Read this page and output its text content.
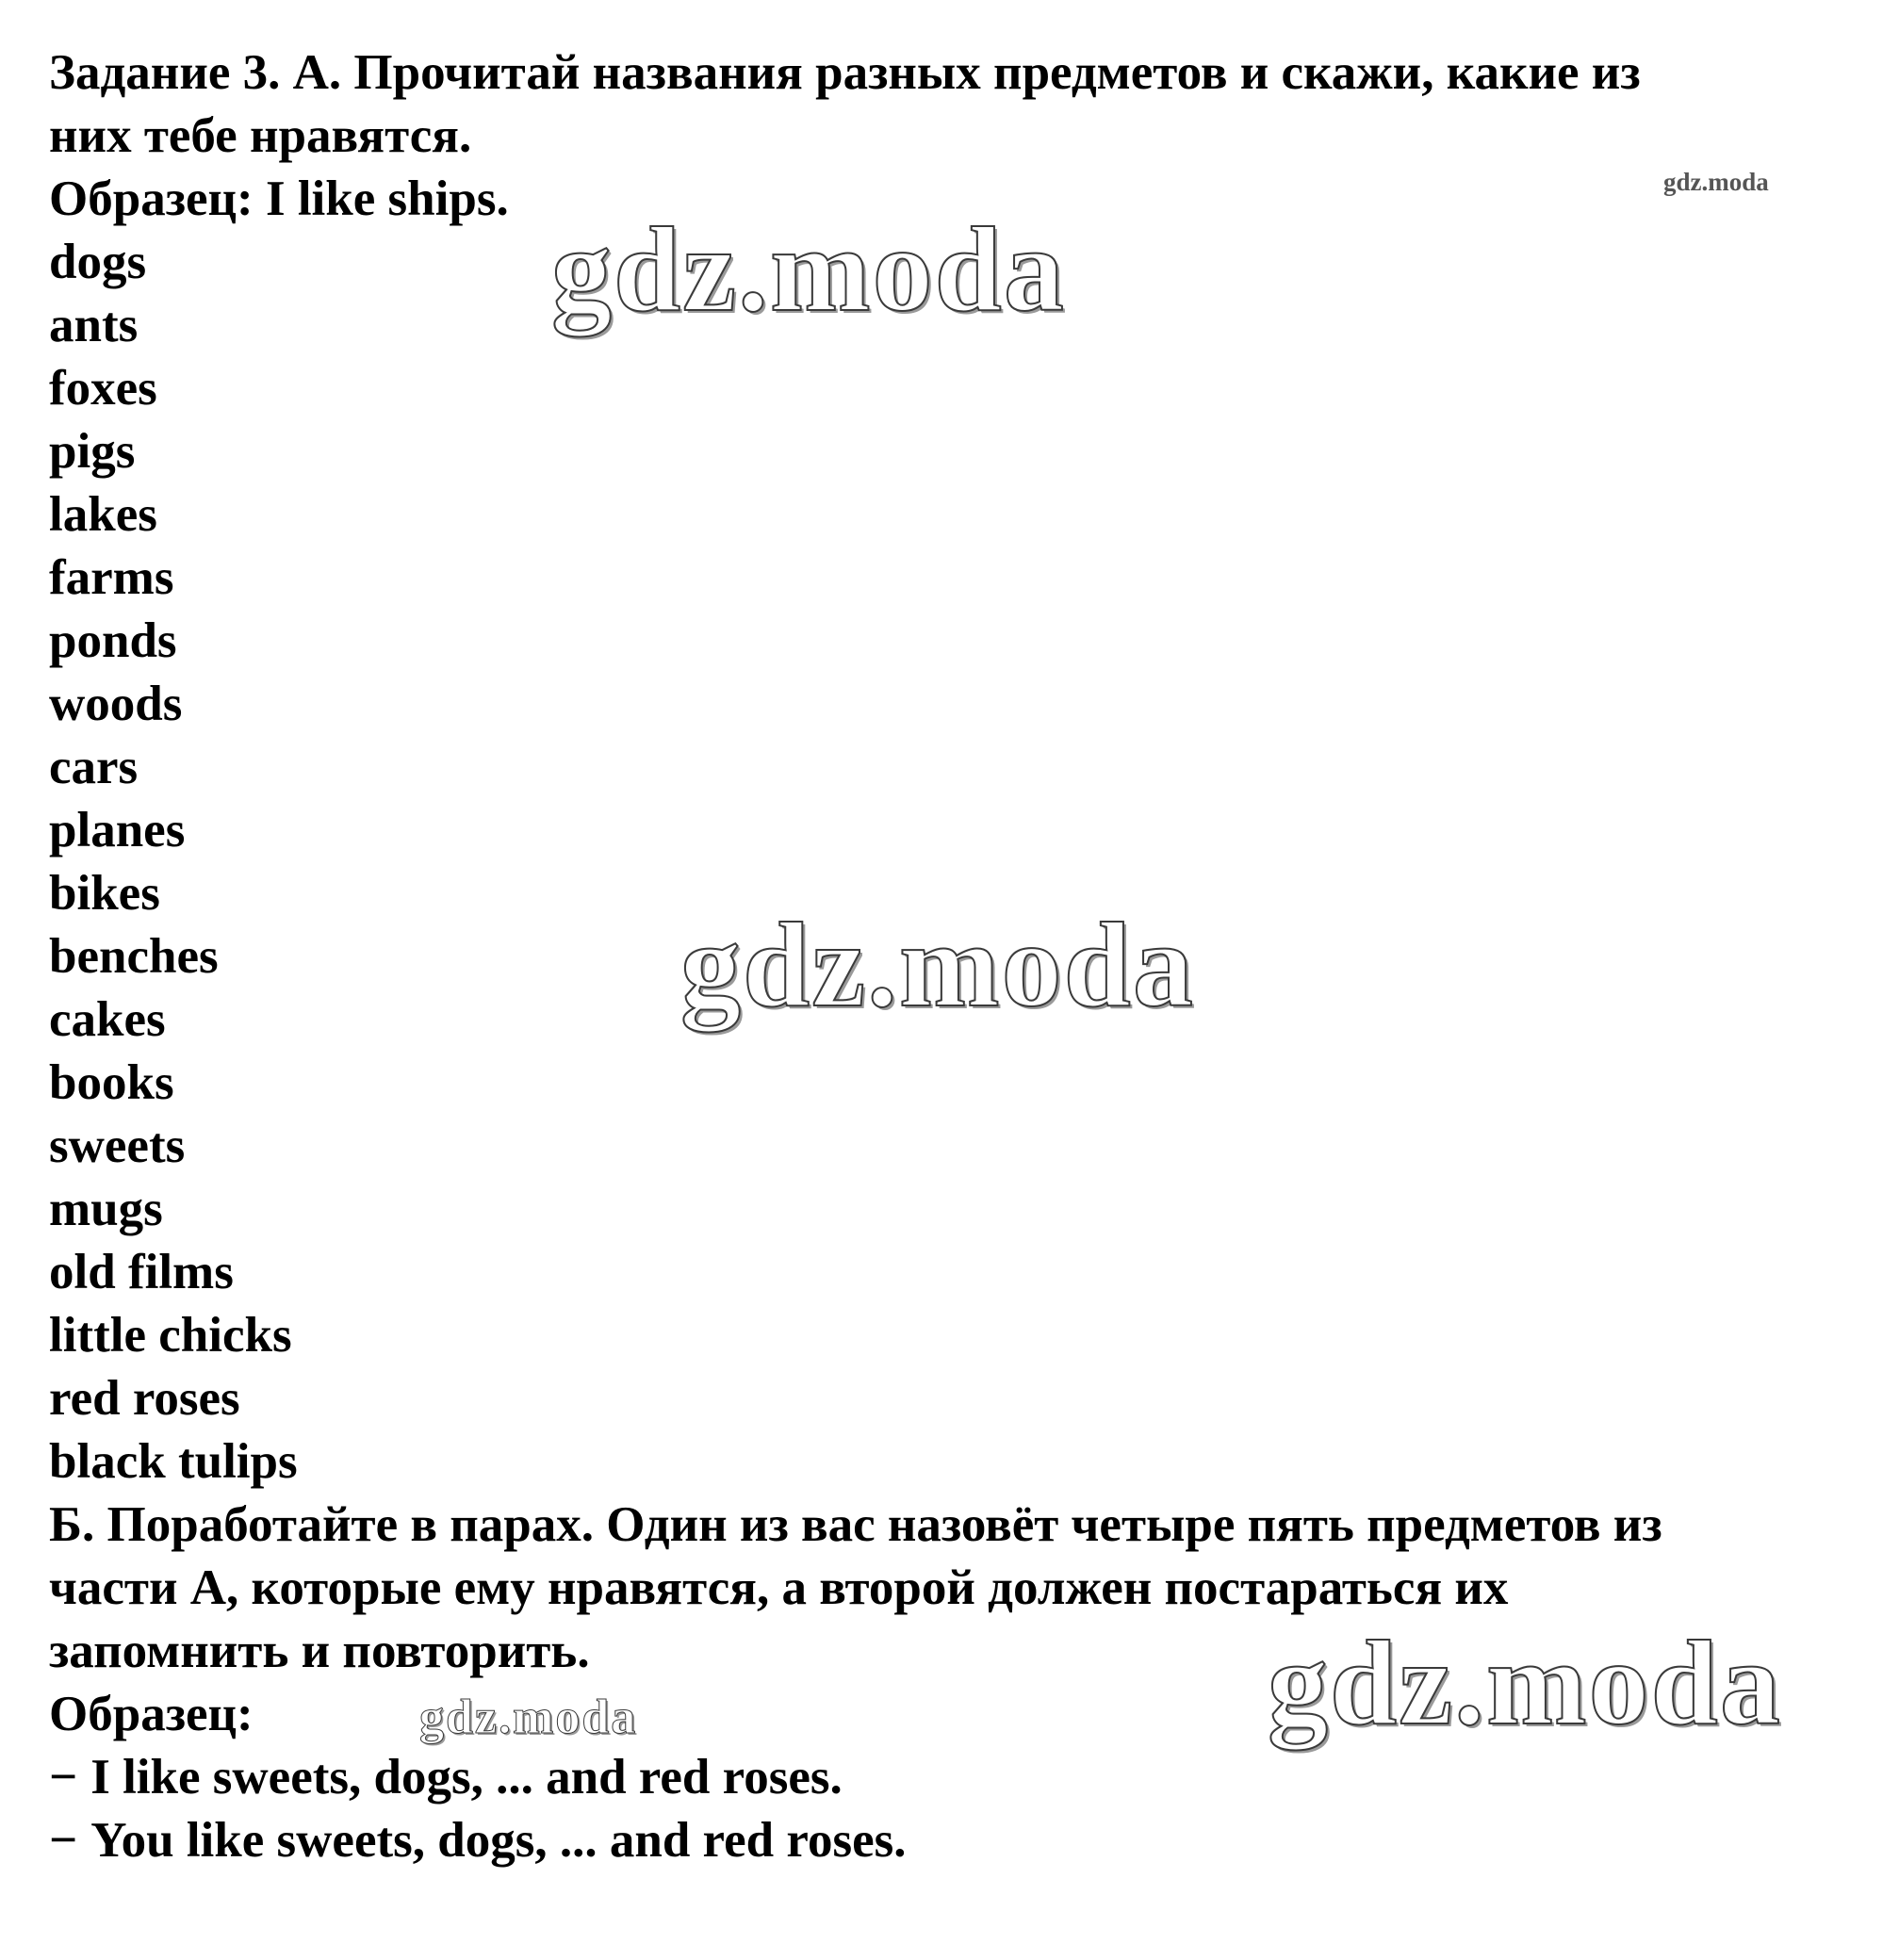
Задание 3. А. Прочитай названия разных предметов и скажи, какие из
них тебе нравятся.
Образец: I like ships.
dogs
ants
foxes
pigs
lakes
farms
ponds
woods
cars
planes
bikes
benches
cakes
books
sweets
mugs
old films
little chicks
red roses
black tulips
Б. Поработайте в парах. Один из вас назовёт четыре пять предметов из
части А, которые ему нравятся, а второй должен постараться их
запомнить и повторить.
Образец:
− I like sweets, dogs, ... and red roses.
− You like sweets, dogs, ... and red roses.
gdz.moda
gdz.moda
gdz.moda
gdz.moda	gdz.moda
